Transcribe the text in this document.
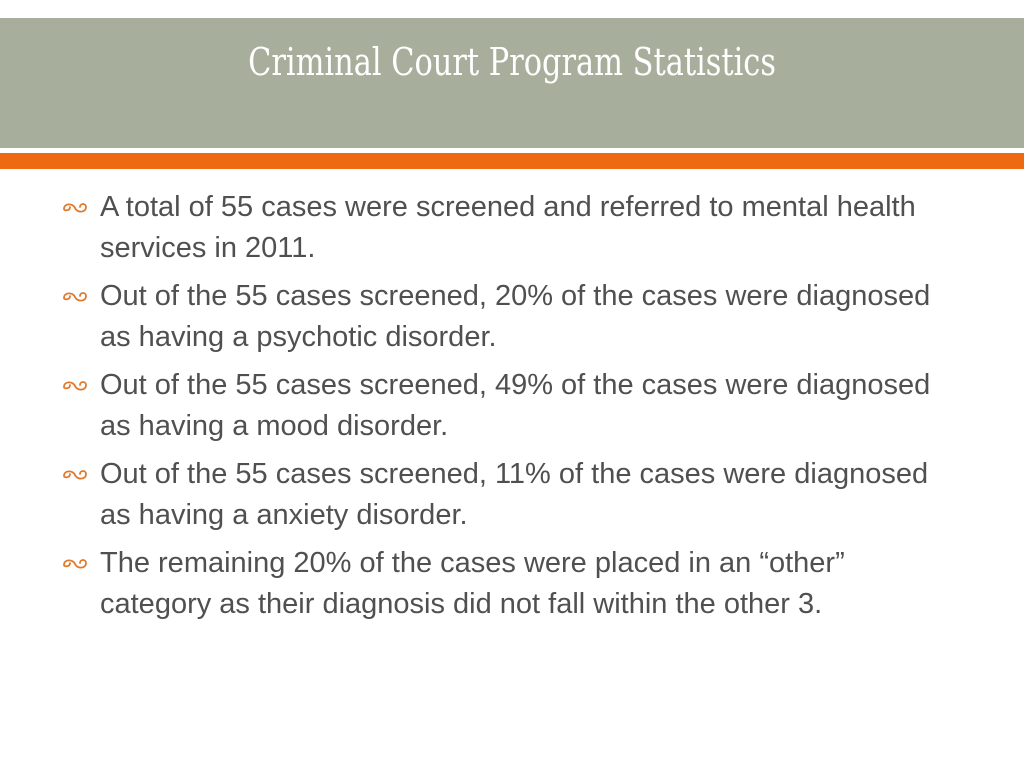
Criminal Court Program Statistics
A total of 55 cases were screened and referred to mental health services in 2011.
Out of the 55 cases screened, 20% of the cases were diagnosed as having a psychotic disorder.
Out of the 55 cases screened, 49% of the cases were diagnosed as having a mood disorder.
Out of the 55 cases screened, 11% of the cases were diagnosed as having a anxiety disorder.
The remaining 20% of the cases were placed in an “other” category as their diagnosis did not fall within the other 3.
